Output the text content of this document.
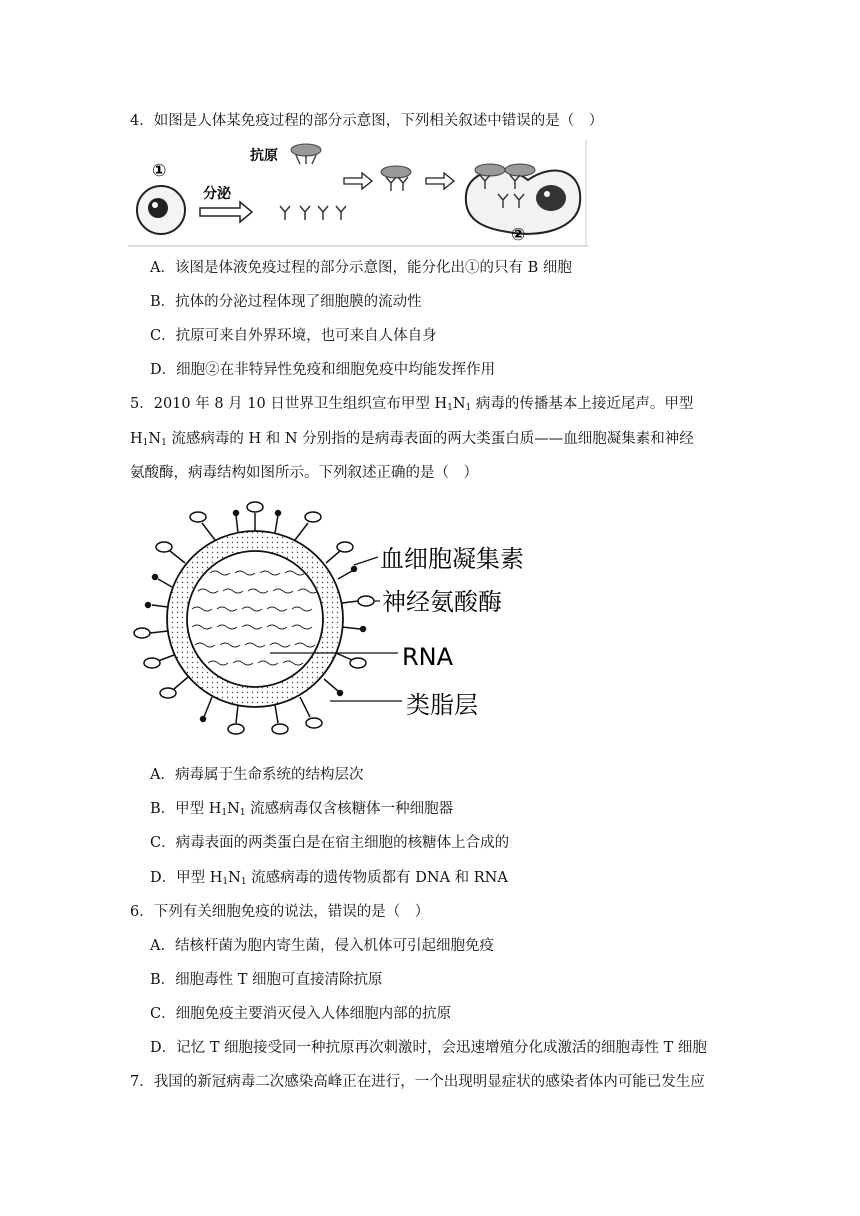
4．如图是人体某免疫过程的部分示意图，下列相关叙述中错误的是（　）
①
分泌
抗原
②
A．该图是体液免疫过程的部分示意图，能分化出①的只有 B 细胞
B．抗体的分泌过程体现了细胞膜的流动性
C．抗原可来自外界环境，也可来自人体自身
D．细胞②在非特异性免疫和细胞免疫中均能发挥作用
5．2010 年 8 月 10 日世界卫生组织宣布甲型 $H_1N_1$ 病毒的传播基本上接近尾声。甲型
$H_1N_1$ 流感病毒的 H 和 N 分别指的是病毒表面的两大类蛋白质——血细胞凝集素和神经
氨酸酶，病毒结构如图所示。下列叙述正确的是（　）
血细胞凝集素
神经氨酸酶
RNA
类脂层
A．病毒属于生命系统的结构层次
B．甲型 $H_1N_1$ 流感病毒仅含核糖体一种细胞器
C．病毒表面的两类蛋白是在宿主细胞的核糖体上合成的
D．甲型 $H_1N_1$ 流感病毒的遗传物质都有 DNA 和 RNA
6．下列有关细胞免疫的说法，错误的是（　）
A．结核杆菌为胞内寄生菌，侵入机体可引起细胞免疫
B．细胞毒性 T 细胞可直接清除抗原
C．细胞免疫主要消灭侵入人体细胞内部的抗原
D．记忆 T 细胞接受同一种抗原再次刺激时，会迅速增殖分化成激活的细胞毒性 T 细胞
7．我国的新冠病毒二次感染高峰正在进行，一个出现明显症状的感染者体内可能已发生应
